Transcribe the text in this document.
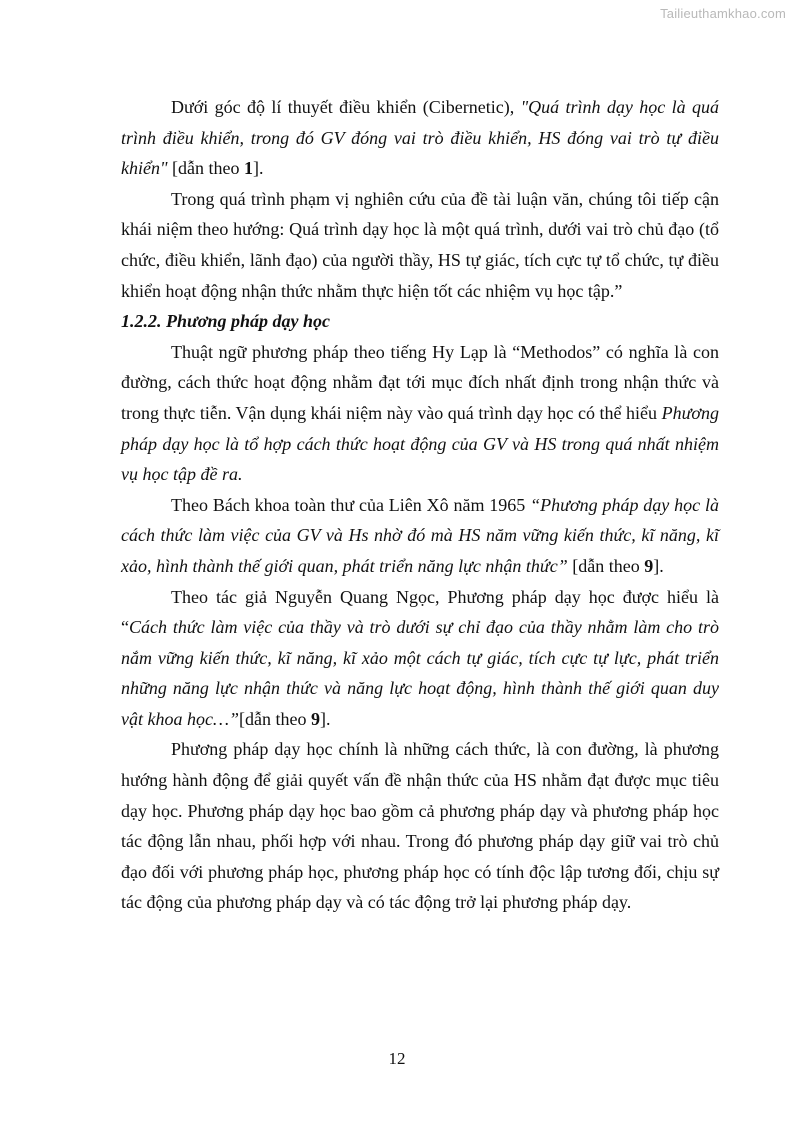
Tailieuthamkhao.com

Dưới góc độ lí thuyết điều khiển (Cibernetic), "Quá trình dạy học là quá trình điều khiển, trong đó GV đóng vai trò điều khiển, HS đóng vai trò tự điều khiển" [dẫn theo 1].

Trong quá trình phạm vị nghiên cứu của đề tài luận văn, chúng tôi tiếp cận khái niệm theo hướng: Quá trình dạy học là một quá trình, dưới vai trò chủ đạo (tổ chức, điều khiển, lãnh đạo) của người thầy, HS tự giác, tích cực tự tổ chức, tự điều khiển hoạt động nhận thức nhằm thực hiện tốt các nhiệm vụ học tập.”

1.2.2. Phương pháp dạy học

Thuật ngữ phương pháp theo tiếng Hy Lạp là “Methodos” có nghĩa là con đường, cách thức hoạt động nhằm đạt tới mục đích nhất định trong nhận thức và trong thực tiễn. Vận dụng khái niệm này vào quá trình dạy học có thể hiểu Phương pháp dạy học là tổ hợp cách thức hoạt động của GV và HS trong quá nhất nhiệm vụ học tập đề ra.

Theo Bách khoa toàn thư của Liên Xô năm 1965 “Phương pháp dạy học là cách thức làm việc của GV và Hs nhờ đó mà HS năm vững kiến thức, kĩ năng, kĩ xảo, hình thành thế giới quan, phát triển năng lực nhận thức” [dẫn theo 9].

Theo tác giả Nguyễn Quang Ngọc, Phương pháp dạy học được hiểu là “Cách thức làm việc của thầy và trò dưới sự chỉ đạo của thầy nhằm làm cho trò nắm vững kiến thức, kĩ năng, kĩ xảo một cách tự giác, tích cực tự lực, phát triển những năng lực nhận thức và năng lực hoạt động, hình thành thế giới quan duy vật khoa học…”[dẫn theo 9].

Phương pháp dạy học chính là những cách thức, là con đường, là phương hướng hành động để giải quyết vấn đề nhận thức của HS nhằm đạt được mục tiêu dạy học. Phương pháp dạy học bao gồm cả phương pháp dạy và phương pháp học tác động lẫn nhau, phối hợp với nhau. Trong đó phương pháp dạy giữ vai trò chủ đạo đối với phương pháp học, phương pháp học có tính độc lập tương đối, chịu sự tác động của phương pháp dạy và có tác động trở lại phương pháp dạy.

12
